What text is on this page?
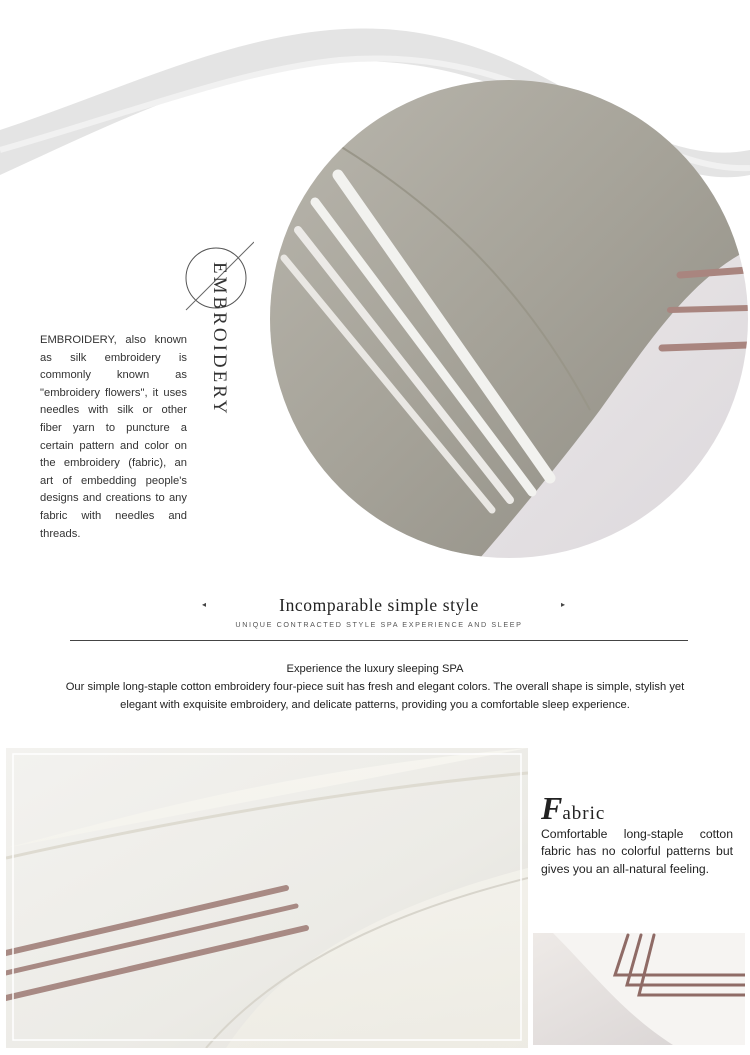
EMBROIDERY
EMBROIDERY, also known as silk embroidery is commonly known as "embroidery flowers", it uses needles with silk or other fiber yarn to puncture a certain pattern and color on the embroidery (fabric), an art of embedding people's designs and creations to any fabric with needles and threads.
◂	Incomparable simple style	▸
UNIQUE CONTRACTED STYLE SPA EXPERIENCE AND SLEEP
Experience the luxury sleeping SPA
Our simple long-staple cotton embroidery four-piece suit has fresh and elegant colors. The overall shape is simple, stylish yet elegant with exquisite embroidery, and delicate patterns, providing you a comfortable sleep experience.
Fabric
Comfortable long-staple cotton fabric has no colorful patterns but gives you an all-natural feeling.
